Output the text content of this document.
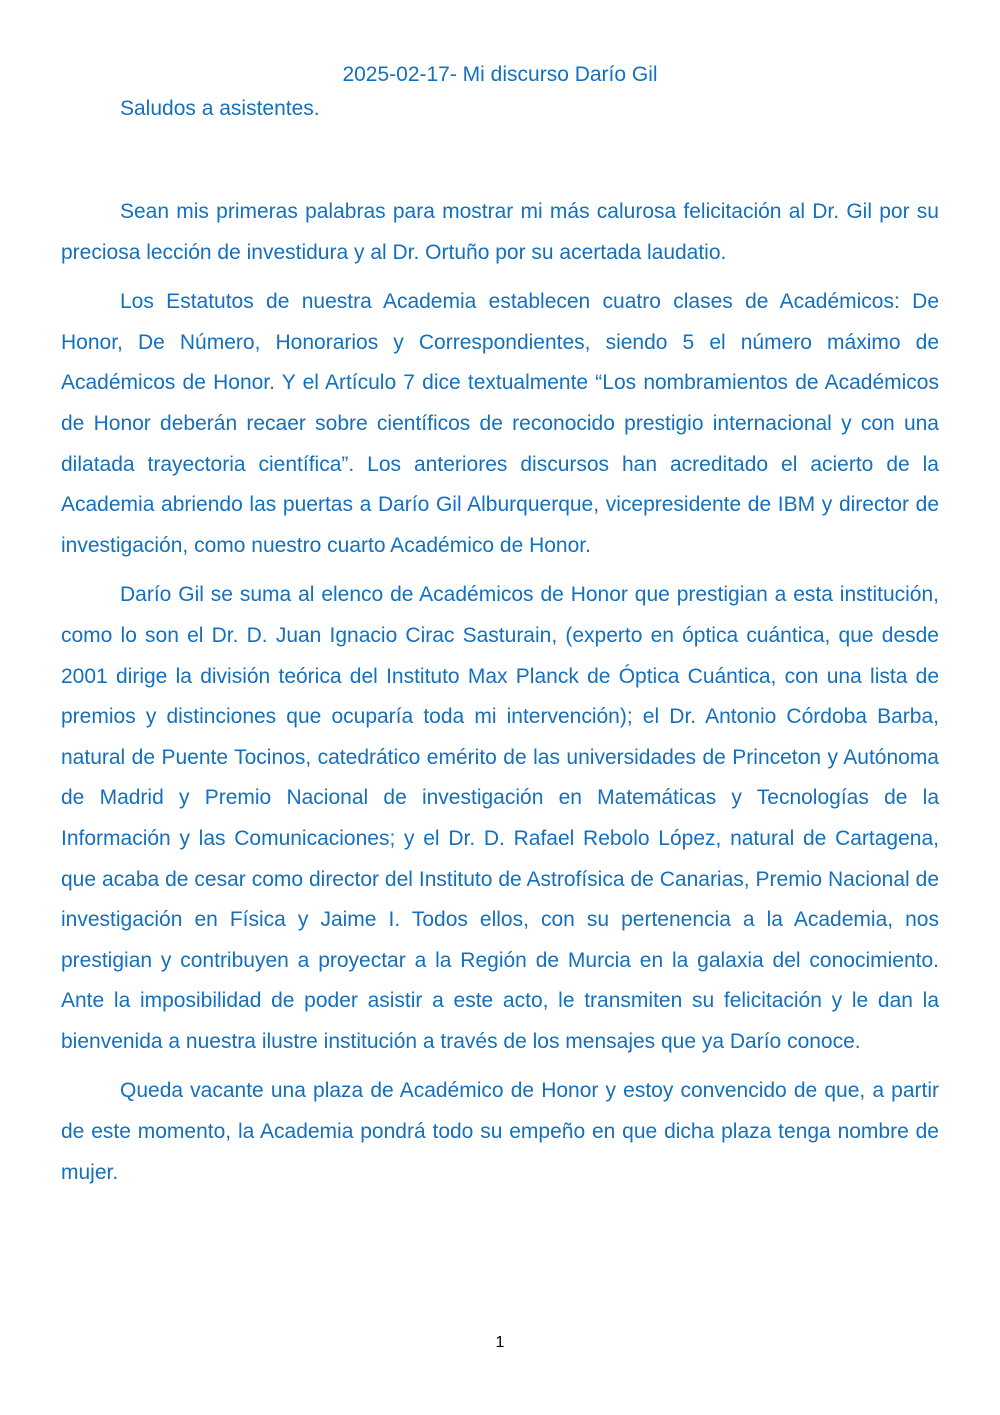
2025-02-17- Mi discurso Darío Gil

Saludos a asistentes.

Sean mis primeras palabras para mostrar mi más calurosa felicitación al Dr. Gil por su preciosa lección de investidura y al Dr. Ortuño por su acertada laudatio.

Los Estatutos de nuestra Academia establecen cuatro clases de Académicos: De Honor, De Número, Honorarios y Correspondientes, siendo 5 el número máximo de Académicos de Honor. Y el Artículo 7 dice textualmente “Los nombramientos de Académicos de Honor deberán recaer sobre científicos de reconocido prestigio internacional y con una dilatada trayectoria científica”. Los anteriores discursos han acreditado el acierto de la Academia abriendo las puertas a Darío Gil Alburquerque, vicepresidente de IBM y director de investigación, como nuestro cuarto Académico de Honor.

Darío Gil se suma al elenco de Académicos de Honor que prestigian a esta institución, como lo son el Dr. D. Juan Ignacio Cirac Sasturain, (experto en óptica cuántica, que desde 2001 dirige la división teórica del Instituto Max Planck de Óptica Cuántica, con una lista de premios y distinciones que ocuparía toda mi intervención); el Dr. Antonio Córdoba Barba, natural de Puente Tocinos, catedrático emérito de las universidades de Princeton y Autónoma de Madrid y Premio Nacional de investigación en Matemáticas y Tecnologías de la Información y las Comunicaciones; y el Dr. D. Rafael Rebolo López, natural de Cartagena, que acaba de cesar como director del Instituto de Astrofísica de Canarias, Premio Nacional de investigación en Física y Jaime I. Todos ellos, con su pertenencia a la Academia, nos prestigian y contribuyen a proyectar a la Región de Murcia en la galaxia del conocimiento. Ante la imposibilidad de poder asistir a este acto, le transmiten su felicitación y le dan la bienvenida a nuestra ilustre institución a través de los mensajes que ya Darío conoce.

Queda vacante una plaza de Académico de Honor y estoy convencido de que, a partir de este momento, la Academia pondrá todo su empeño en que dicha plaza tenga nombre de mujer.

1
